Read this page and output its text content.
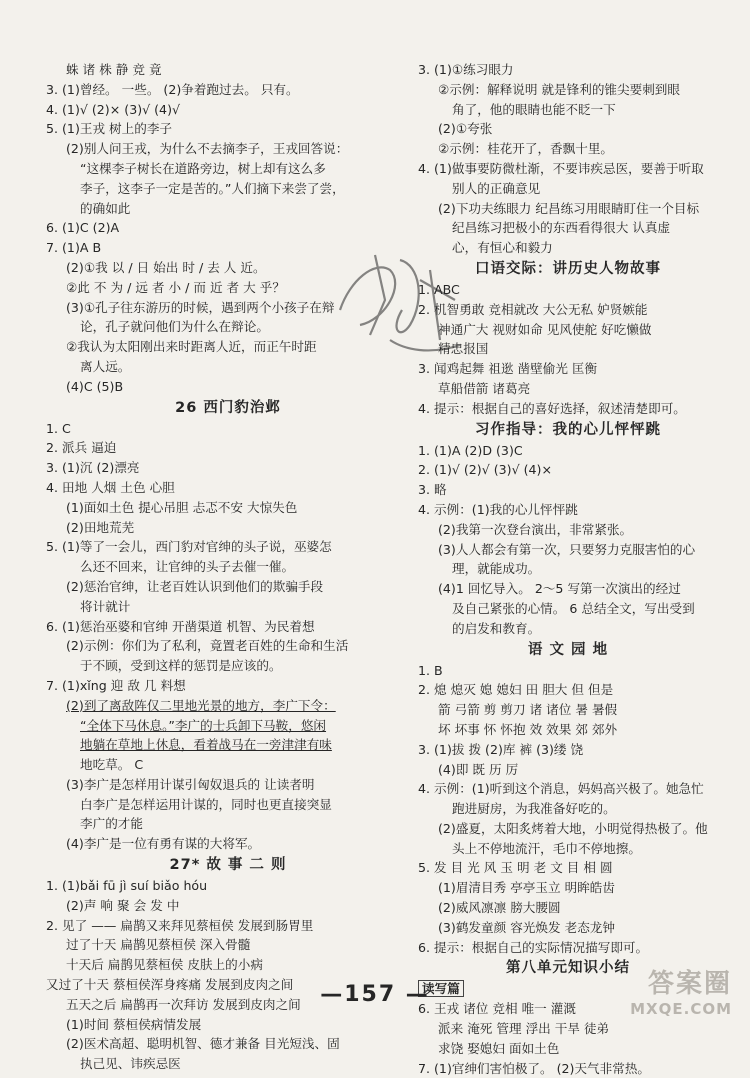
蛛 诸 株 静 竞 竟
3. (1)曾经。 一些。 (2)争着跑过去。 只有。
4. (1)√ (2)× (3)√ (4)√
5. (1)王戎 树上的李子
(2)别人问王戎，为什么不去摘李子，王戎回答说：
“这棵李子树长在道路旁边，树上却有这么多
李子，这李子一定是苦的。”人们摘下来尝了尝，
的确如此
6. (1)C (2)A
7. (1)A B
(2)①我 以 / 日 始出 时 / 去 人 近。
②此 不 为 / 远 者 小 / 而 近 者 大 乎？
(3)①孔子往东游历的时候，遇到两个小孩子在辩
论，孔子就问他们为什么在辩论。
②我认为太阳刚出来时距离人近，而正午时距
离人远。
(4)C (5)B
26 西门豹治邺
1. C
2. 派兵 逼迫
3. (1)沉 (2)漂亮
4. 田地 人烟 土色 心胆
(1)面如土色 提心吊胆 忐忑不安 大惊失色
(2)田地荒芜
5. (1)等了一会儿，西门豹对官绅的头子说，巫婆怎
么还不回来，让官绅的头子去催一催。
(2)惩治官绅，让老百姓认识到他们的欺骗手段
将计就计
6. (1)惩治巫婆和官绅 开凿渠道 机智、为民着想
(2)示例：你们为了私利，竟置老百姓的生命和生活
于不顾，受到这样的惩罚是应该的。
7. (1)xǐng 迎 敌 几 料想
(2)到了离敌阵仅二里地光景的地方，李广下令：
“全体下马休息。”李广的士兵卸下马鞍，悠闲
地躺在草地上休息，看着战马在一旁津津有味
地吃草。 C
(3)李广是怎样用计谋引匈奴退兵的 让读者明
白李广是怎样运用计谋的，同时也更直接突显
李广的才能
(4)李广是一位有勇有谋的大将军。
27* 故 事 二 则
1. (1)bǎi fū jì suí biǎo hóu
(2)声 响 聚 会 发 中
2. 见了 —— 扁鹊又来拜见蔡桓侯 发展到肠胃里
过了十天 扁鹊见蔡桓侯 深入骨髓
十天后 扁鹊见蔡桓侯 皮肤上的小病
又过了十天 蔡桓侯浑身疼痛 发展到皮肉之间
五天之后 扁鹊再一次拜访 发展到皮肉之间
(1)时间 蔡桓侯病情发展
(2)医术高超、聪明机智、德才兼备 目光短浅、固
执己见、讳疾忌医
3. (1)①练习眼力
②示例：解释说明 就是锋利的锥尖要刺到眼
角了，他的眼睛也能不眨一下
(2)①夸张
②示例：桂花开了，香飘十里。
4. (1)做事要防微杜渐，不要讳疾忌医，要善于听取
别人的正确意见
(2)下功夫练眼力 纪昌练习用眼睛盯住一个目标
纪昌练习把极小的东西看得很大 认真虚
心，有恒心和毅力
口语交际：讲历史人物故事
1. ABC
2. 机智勇敢 竞相就改 大公无私 妒贤嫉能
神通广大 视财如命 见风使舵 好吃懒做
精忠报国
3. 闻鸡起舞 祖逖 凿壁偷光 匡衡
草船借箭 诸葛亮
4. 提示：根据自己的喜好选择，叙述清楚即可。
习作指导：我的心儿怦怦跳
1. (1)A (2)D (3)C
2. (1)√ (2)√ (3)√ (4)×
3. 略
4. 示例：(1)我的心儿怦怦跳
(2)我第一次登台演出，非常紧张。
(3)人人都会有第一次，只要努力克服害怕的心
理，就能成功。
(4)1 回忆导入。 2～5 写第一次演出的经过
及自己紧张的心情。 6 总结全文，写出受到
的启发和教育。
语 文 园 地
1. B
2. 熄 熄灭 媳 媳妇 田 胆大 但 但是
箭 弓箭 剪 剪刀 诸 诸位 暑 暑假
坏 坏事 怀 怀抱 效 效果 郊 郊外
3. (1)拔 拨 (2)库 裤 (3)缕 饶
(4)即 既 历 厉
4. 示例：(1)听到这个消息，妈妈高兴极了。她急忙
跑进厨房，为我准备好吃的。
(2)盛夏，太阳炙烤着大地，小明觉得热极了。他
头上不停地流汗，毛巾不停地擦。
5. 发 目 光 风 玉 明 老 文 目 相 圆
(1)眉清目秀 亭亭玉立 明眸皓齿
(2)威风凛凛 膀大腰圆
(3)鹤发童颜 容光焕发 老态龙钟
6. 提示：根据自己的实际情况描写即可。
第八单元知识小结
读写篇
6. 王戎 诸位 竞相 唯一 灌溉
派来 淹死 管理 浮出 干旱 徒弟
求饶 娶媳妇 面如土色
7. (1)官绅们害怕极了。 (2)天气非常热。
—157 —	答案圈
MXQE.COM
